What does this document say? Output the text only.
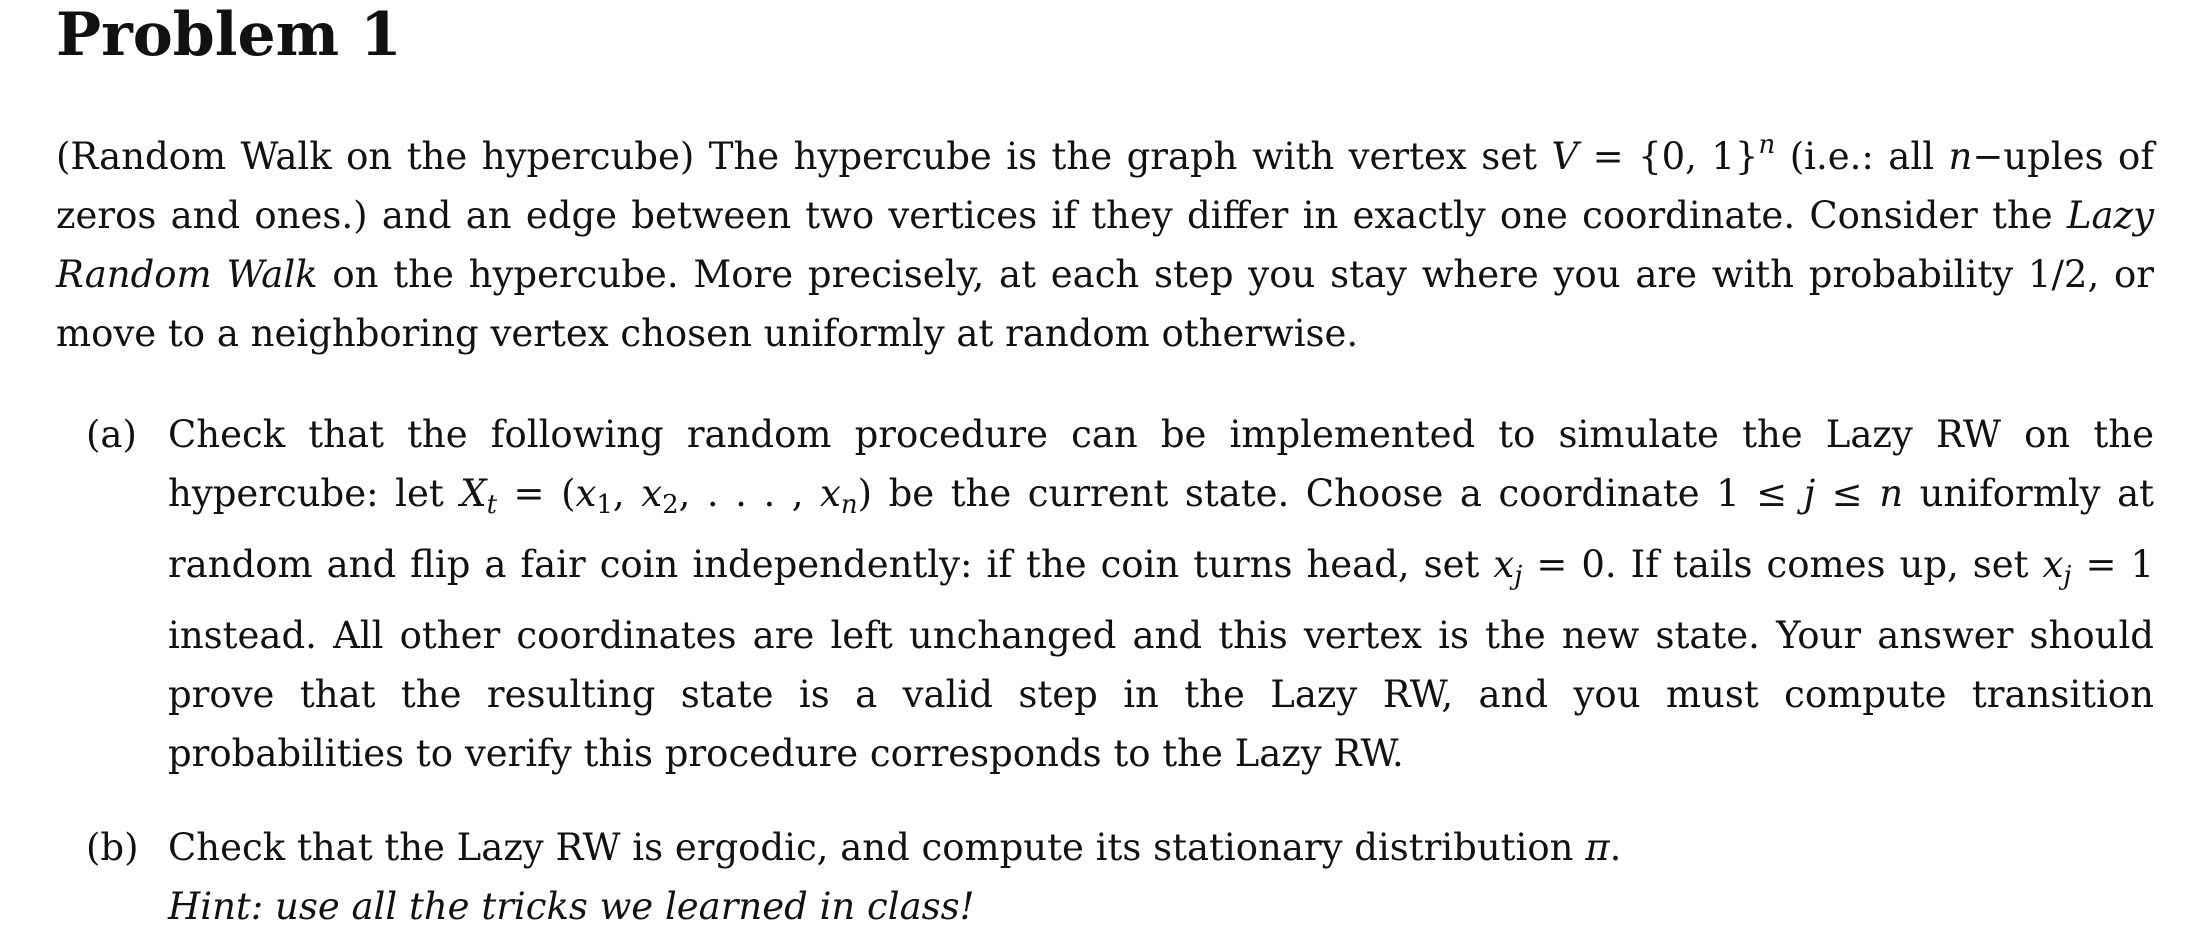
Problem 1

(Random Walk on the hypercube) The hypercube is the graph with vertex set V = {0, 1}$^n$ (i.e.: all n−uples of zeros and ones.) and an edge between two vertices if they differ in exactly one coordinate. Consider the Lazy Random Walk on the hypercube. More precisely, at each step you stay where you are with probability 1/2, or move to a neighboring vertex chosen uniformly at random otherwise.

(a) Check that the following random procedure can be implemented to simulate the Lazy RW on the hypercube: let $X_t = (x_1$, $x_2$, . . . , $x_n$) be the current state. Choose a coordinate 1 ≤ j ≤ n uniformly at random and flip a fair coin independently: if the coin turns head, set $x_j = 0$. If tails comes up, set $x_j = 1$ instead. All other coordinates are left unchanged and this vertex is the new state. Your answer should prove that the resulting state is a valid step in the Lazy RW, and you must compute transition probabilities to verify this procedure corresponds to the Lazy RW.
(b) Check that the Lazy RW is ergodic, and compute its stationary distribution π.
Hint: use all the tricks we learned in class!
